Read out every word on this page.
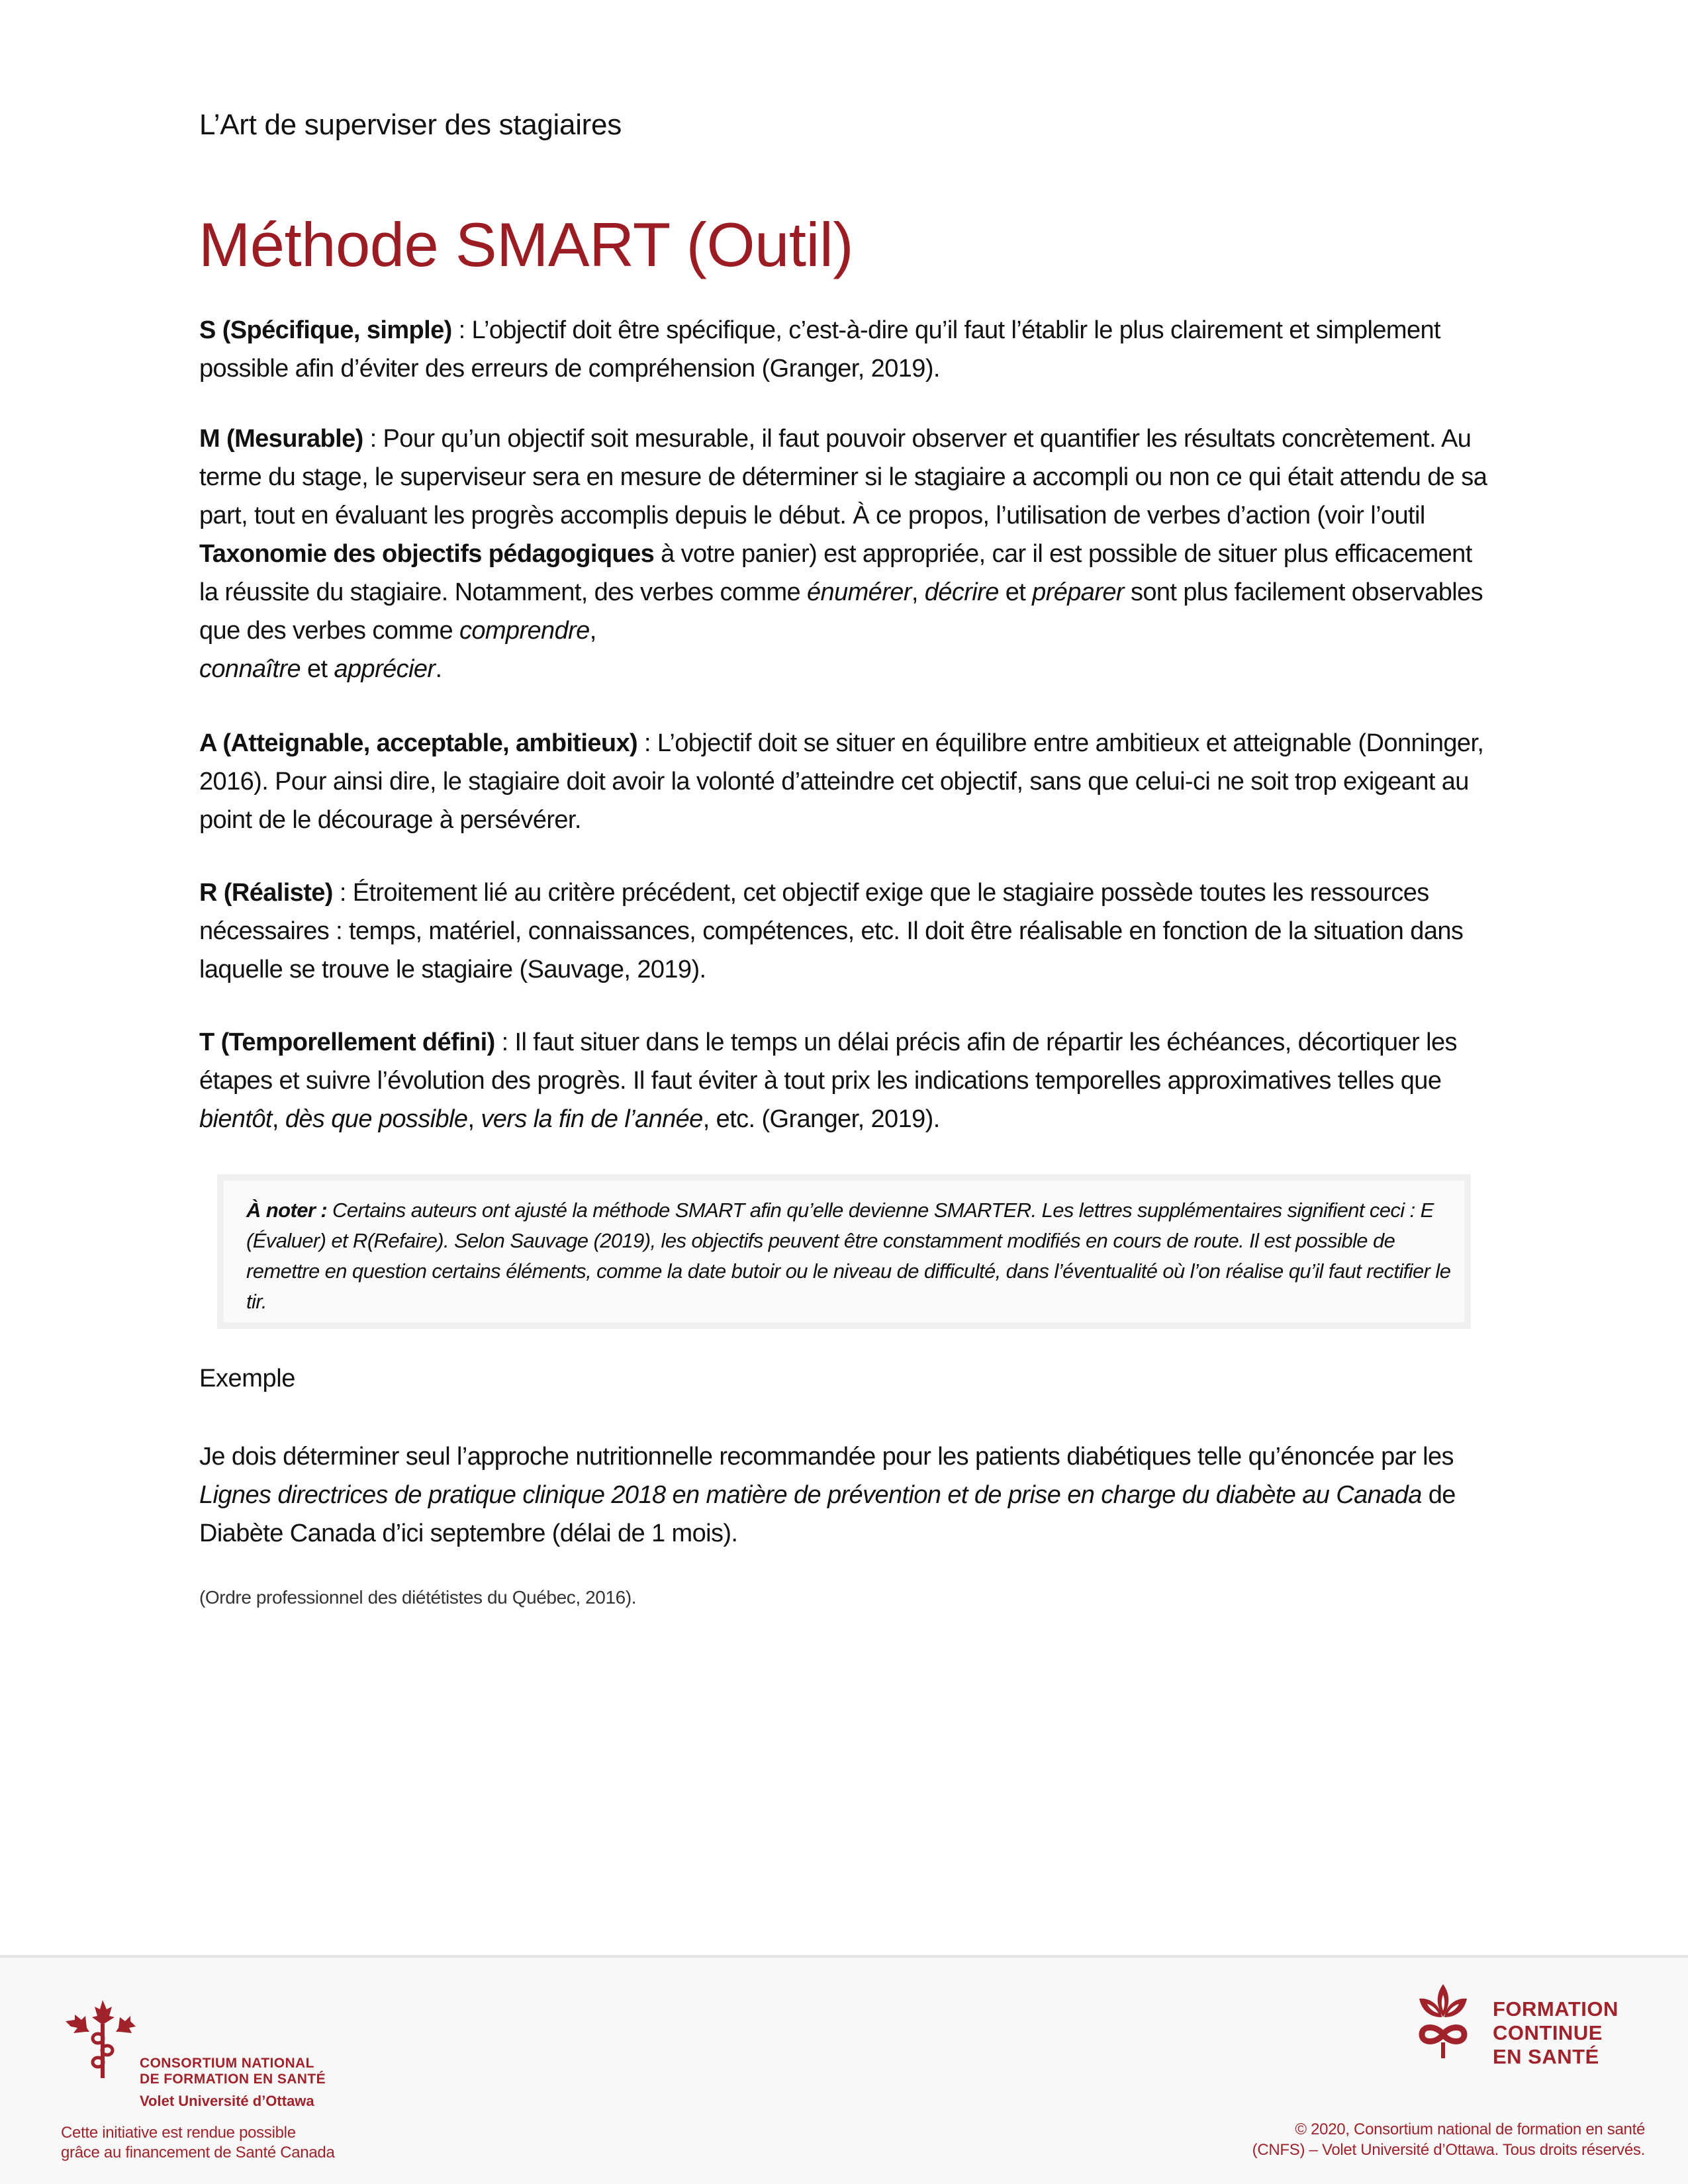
L’Art de superviser des stagiaires
Méthode SMART (Outil)

S (Spécifique, simple) : L’objectif doit être spécifique, c’est-à-dire qu’il faut l’établir le plus clairement et simplement possible afin d’éviter des erreurs de compréhension (Granger, 2019).

M (Mesurable) : Pour qu’un objectif soit mesurable, il faut pouvoir observer et quantifier les résultats concrètement. Au terme du stage, le superviseur sera en mesure de déterminer si le stagiaire a accompli ou non ce qui était attendu de sa part, tout en évaluant les progrès accomplis depuis le début. À ce propos, l’utilisation de verbes d’action (voir l’outil Taxonomie des objectifs pédagogiques à votre panier) est appropriée, car il est possible de situer plus efficacement la réussite du stagiaire. Notamment, des verbes comme énumérer, décrire et préparer sont plus facilement observables que des verbes comme comprendre,
connaître et apprécier.

A (Atteignable, acceptable, ambitieux) : L’objectif doit se situer en équilibre entre ambitieux et atteignable (Donninger, 2016). Pour ainsi dire, le stagiaire doit avoir la volonté d’atteindre cet objectif, sans que celui-ci ne soit trop exigeant au point de le décourage à persévérer.

R (Réaliste) : Étroitement lié au critère précédent, cet objectif exige que le stagiaire possède toutes les ressources nécessaires : temps, matériel, connaissances, compétences, etc. Il doit être réalisable en fonction de la situation dans laquelle se trouve le stagiaire (Sauvage, 2019).

T (Temporellement défini) : Il faut situer dans le temps un délai précis afin de répartir les échéances, décortiquer les étapes et suivre l’évolution des progrès. Il faut éviter à tout prix les indications temporelles approximatives telles que bientôt, dès que possible, vers la fin de l’année, etc. (Granger, 2019).

À noter : Certains auteurs ont ajusté la méthode SMART afin qu’elle devienne SMARTER. Les lettres supplémentaires signifient ceci : E (Évaluer) et R(Refaire). Selon Sauvage (2019), les objectifs peuvent être constamment modifiés en cours de route. Il est possible de remettre en question certains éléments, comme la date butoir ou le niveau de difficulté, dans l’éventualité où l’on réalise qu’il faut rectifier le tir.
Exemple

Je dois déterminer seul l’approche nutritionnelle recommandée pour les patients diabétiques telle qu’énoncée par les Lignes directrices de pratique clinique 2018 en matière de prévention et de prise en charge du diabète au Canada de Diabète Canada d’ici septembre (délai de 1 mois).

(Ordre professionnel des diététistes du Québec, 2016).
CONSORTIUM NATIONAL
DE FORMATION EN SANTÉ
Volet Université d’Ottawa
Cette initiative est rendue possible
grâce au financement de Santé Canada
FORMATION
CONTINUE
EN SANTÉ
© 2020, Consortium national de formation en santé
(CNFS) – Volet Université d’Ottawa. Tous droits réservés.
